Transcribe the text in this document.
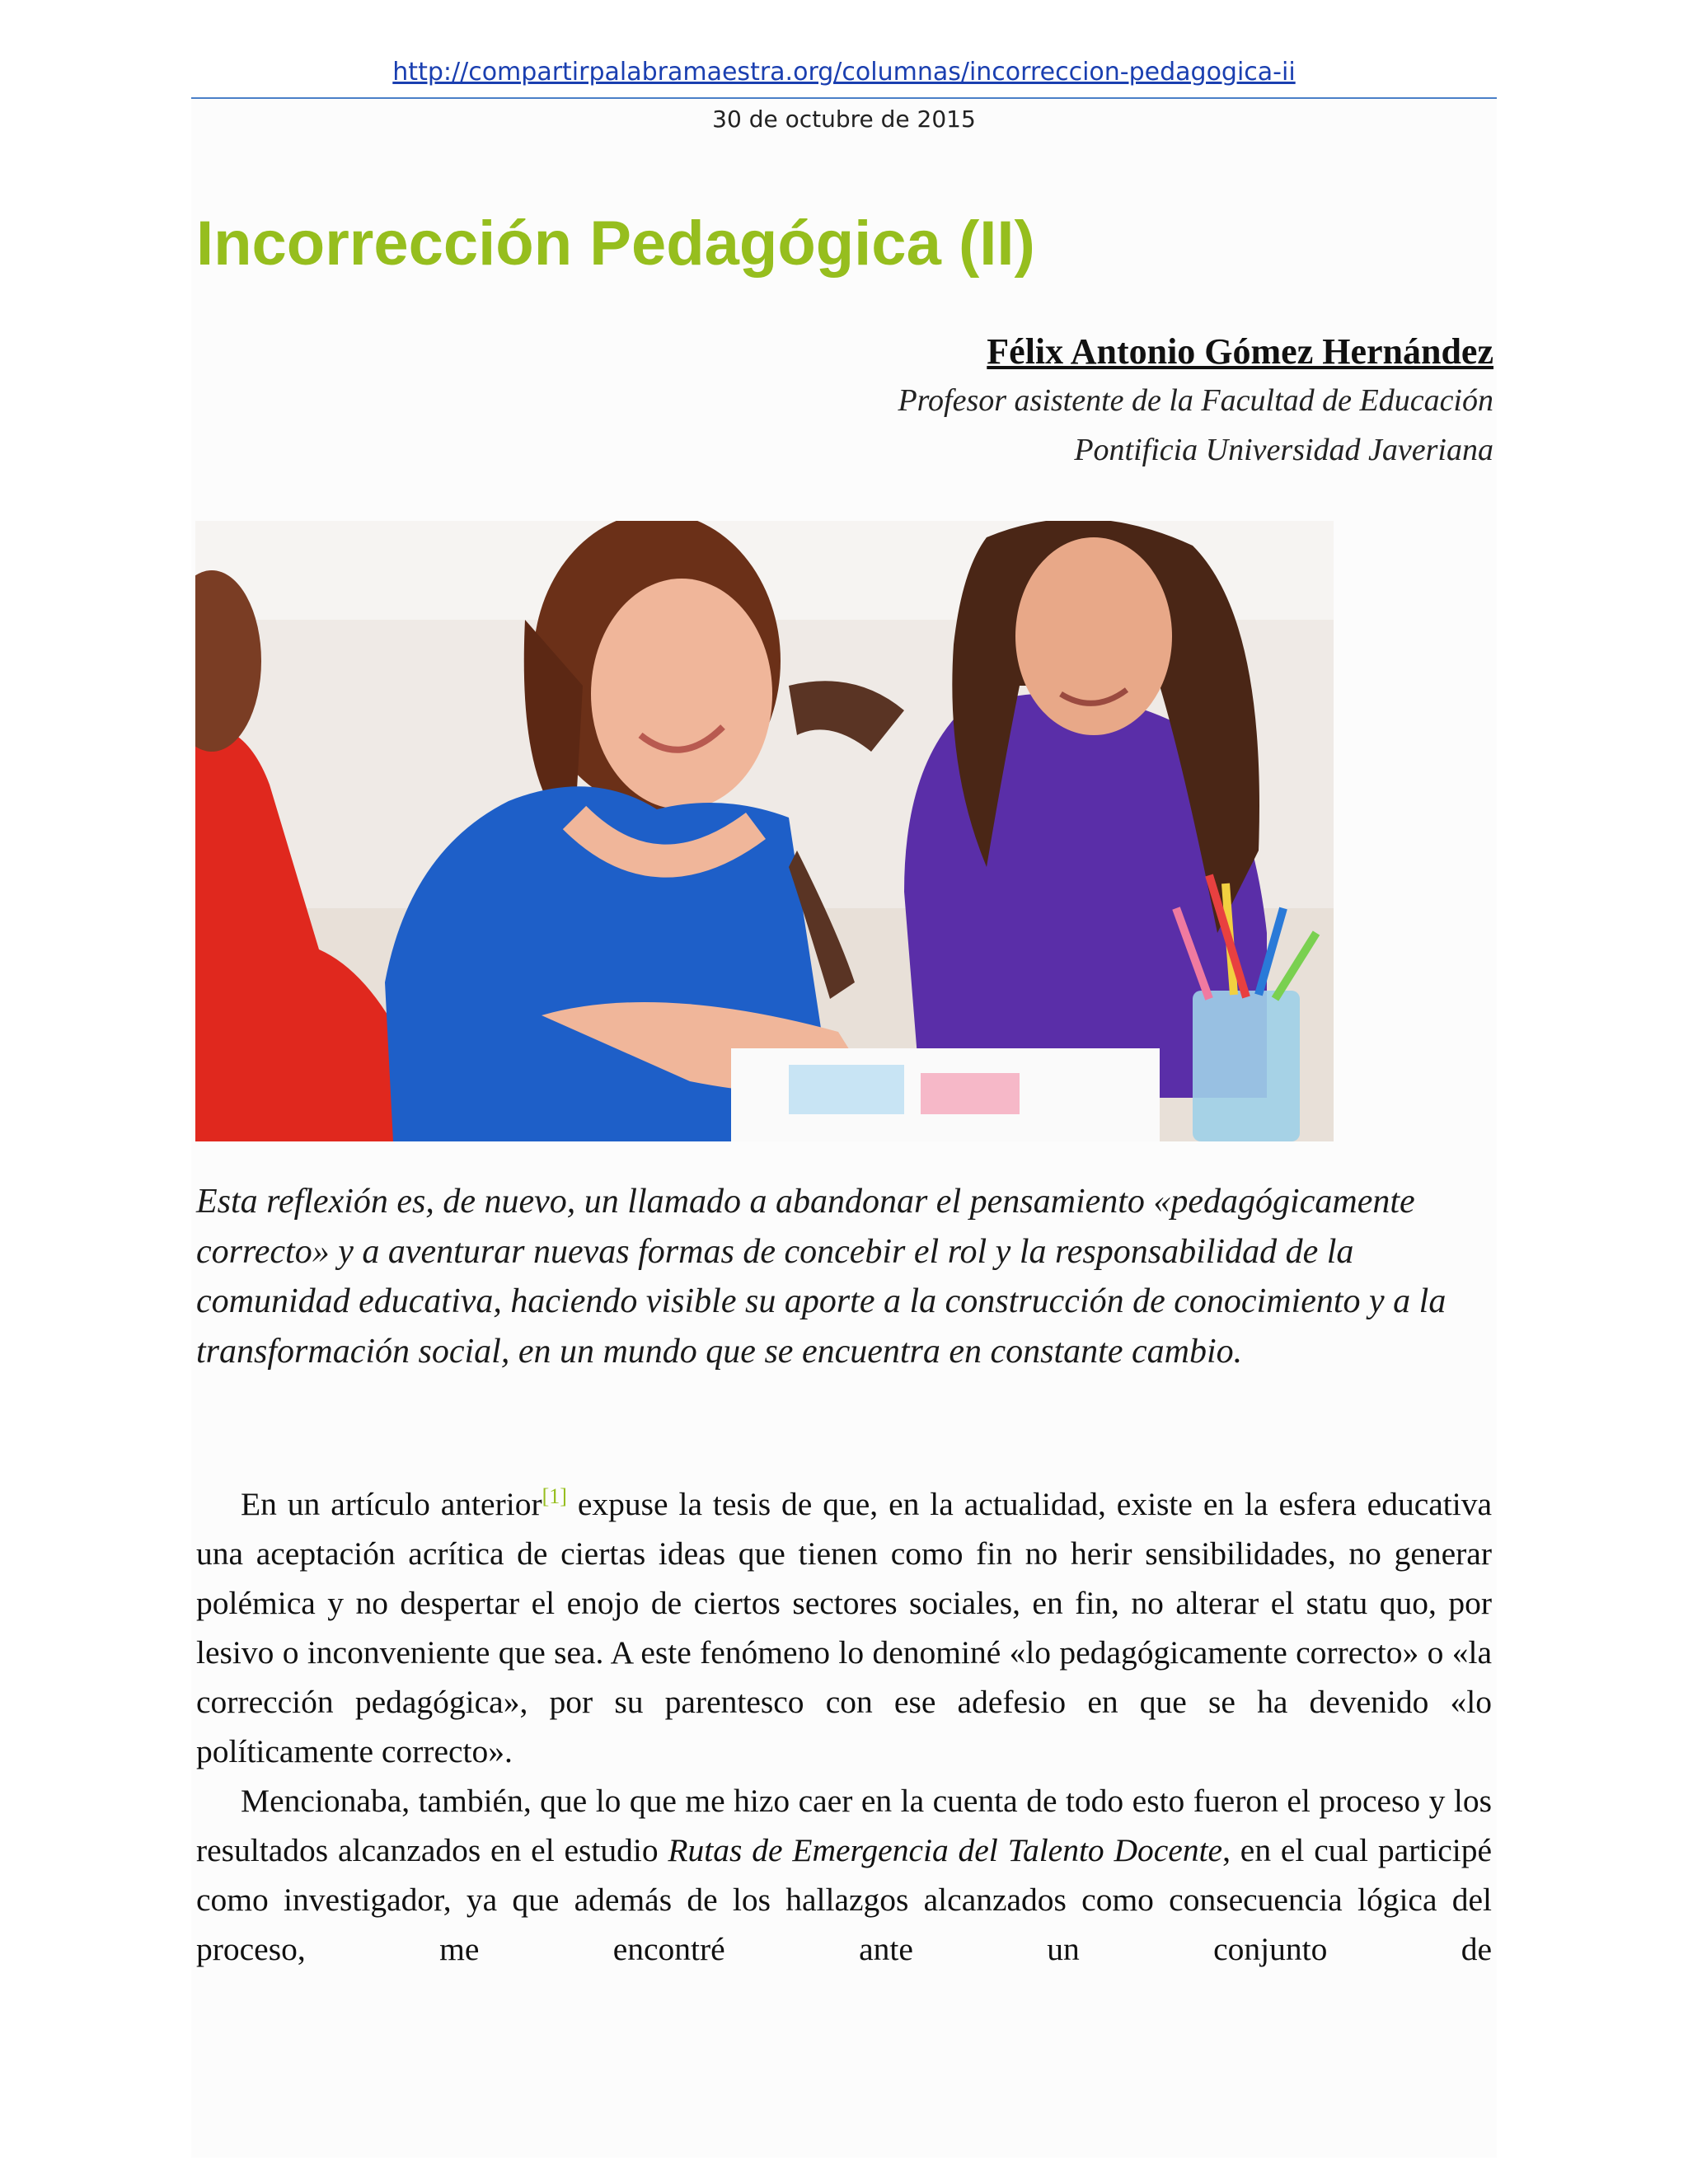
http://compartirpalabramaestra.org/columnas/incorreccion-pedagogica-ii
30 de octubre de 2015
Incorrección Pedagógica (II)
Félix Antonio Gómez Hernández
Profesor asistente de la Facultad de Educación
Pontificia Universidad Javeriana

Esta reflexión es, de nuevo, un llamado a abandonar el pensamiento «pedagógicamente correcto» y a aventurar nuevas formas de concebir el rol y la responsabilidad de la comunidad educativa, haciendo visible su aporte a la construcción de conocimiento y a la transformación social, en un mundo que se encuentra en constante cambio.

En un artículo anterior[1] expuse la tesis de que, en la actualidad, existe en la esfera educativa una aceptación acrítica de ciertas ideas que tienen como fin no herir sensibilidades, no generar polémica y no despertar el enojo de ciertos sectores sociales, en fin, no alterar el statu quo, por lesivo o inconveniente que sea. A este fenómeno lo denominé «lo pedagógicamente correcto» o «la corrección pedagógica», por su parentesco con ese adefesio en que se ha devenido «lo políticamente correcto».

Mencionaba, también, que lo que me hizo caer en la cuenta de todo esto fueron el proceso y los resultados alcanzados en el estudio Rutas de Emergencia del Talento Docente, en el cual participé como investigador, ya que además de los hallazgos alcanzados como consecuencia lógica del proceso, me encontré ante un conjunto de
